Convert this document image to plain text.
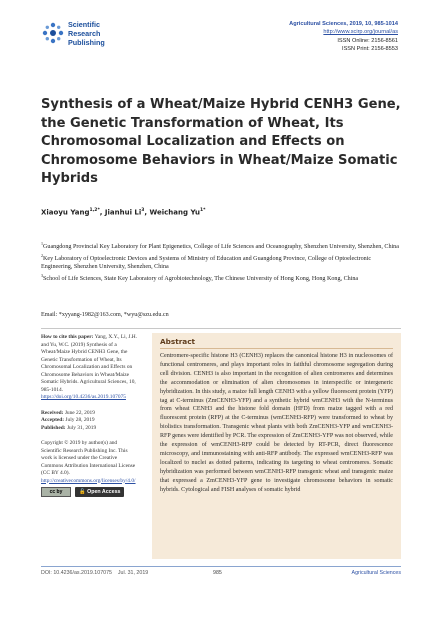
Scientific
Research
Publishing
Agricultural Sciences, 2019, 10, 985-1014
http://www.scirp.org/journal/as
ISSN Online: 2156-8561
ISSN Print: 2156-8553
Synthesis of a Wheat/Maize Hybrid CENH3 Gene, the Genetic Transformation of Wheat, Its Chromosomal Localization and Effects on Chromosome Behaviors in Wheat/Maize Somatic Hybrids
Xiaoyu Yang$^{1,2*}$, Jianhui Li$^3$, Weichang $Yu^{1*}$
$^1$Guangdong Provincial Key Laboratory for Plant Epigenetics, College of Life Sciences and Oceanography, Shenzhen University, Shenzhen, China
$^2$Key Laboratory of Optoelectronic Devices and Systems of Ministry of Education and Guangdong Province, College of Optoelectronic Engineering, Shenzhen University, Shenzhen, China
$^3$School of Life Sciences, State Key Laboratory of Agrobiotechnology, The Chinese University of Hong Kong, Hong Kong, China
Email: *xyyang-1982@163.com, *wyu@szu.edu.cn

How to cite this paper: Yang, X.Y., Li, J.H. and Yu, W.C. (2019) Synthesis of a Wheat/Maize Hybrid CENH3 Gene, the Genetic Transformation of Wheat, Its Chromosomal Localization and Effects on Chromosome Behaviors in Wheat/Maize Somatic Hybrids. Agricultural Sciences, 10, 985-1014. https://doi.org/10.4236/as.2019.107075

Received: June 22, 2019
Accepted: July 28, 2019
Published: July 31, 2019

Copyright © 2019 by author(s) and Scientific Research Publishing Inc. This work is licensed under the Creative Commons Attribution International License (CC BY 4.0).
http://creativecommons.org/licenses/by/4.0/

cc by	🔓 Open Access
Abstract

Centromere-specific histone H3 (CENH3) replaces the canonical histone H3 in nucleosomes of functional centromeres, and plays important roles in faithful chromosome segregation during cell division. CENH3 is also important in the recognition of alien centromeres and determines the accommodation or elimination of alien chromosomes in interspecific or intergeneric hybridization. In this study, a maize full length CENH3 with a yellow fluorescent protein (YFP) tag at C-terminus (ZmCENH3-YFP) and a synthetic hybrid wmCENH3 with the N-terminus from wheat CENH3 and the histone fold domain (HFD) from maize tagged with a red fluorescent protein (RFP) at the C-terminus (wmCENH3-RFP) were transformed to wheat by biolistics transformation. Transgenic wheat plants with both ZmCENH3-YFP and wmCENH3-RFP genes were identified by PCR. The expression of ZmCENH3-YFP was not observed, while the expression of wmCENH3-RFP could be detected by RT-PCR, direct fluorescence microscopy, and immunostaining with anti-RFP antibody. The expressed wmCENH3-RFP was localized to nuclei as dotted patterns, indicating its targeting to wheat centromeres. Somatic hybridization was performed between wmCENH3-RFP transgenic wheat and transgenic maize that expressed a ZmCENH3-YFP gene to investigate chromosome behaviors in somatic hybrids. Cytological and FISH analyses of somatic hybrid

DOI: 10.4236/as.2019.107075 Jul. 31, 2019	985	Agricultural Sciences
